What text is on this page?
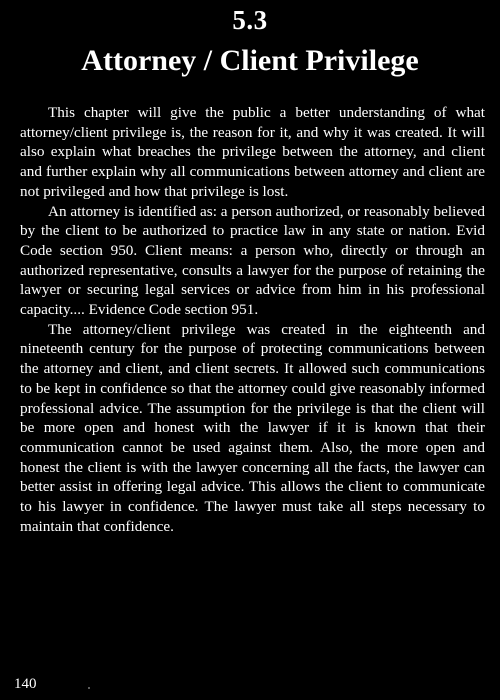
5.3
Attorney / Client Privilege

This chapter will give the public a better understanding of what attorney/client privilege is, the reason for it, and why it was created. It will also explain what breaches the privilege between the attorney, and client and further explain why all communications between attorney and client are not privileged and how that privilege is lost.

An attorney is identified as: a person authorized, or reasonably believed by the client to be authorized to practice law in any state or nation. Evid Code section 950. Client means: a person who, directly or through an authorized representative, consults a lawyer for the purpose of retaining the lawyer or securing legal services or advice from him in his professional capacity.... Evidence Code section 951.

The attorney/client privilege was created in the eighteenth and nineteenth century for the purpose of protecting communications between the attorney and client, and client secrets. It allowed such communications to be kept in confidence so that the attorney could give reasonably informed professional advice. The assumption for the privilege is that the client will be more open and honest with the lawyer if it is known that their communication cannot be used against them. Also, the more open and honest the client is with the lawyer concerning all the facts, the lawyer can better assist in offering legal advice. This allows the client to communicate to his lawyer in confidence. The lawyer must take all steps necessary to maintain that confidence.

140
